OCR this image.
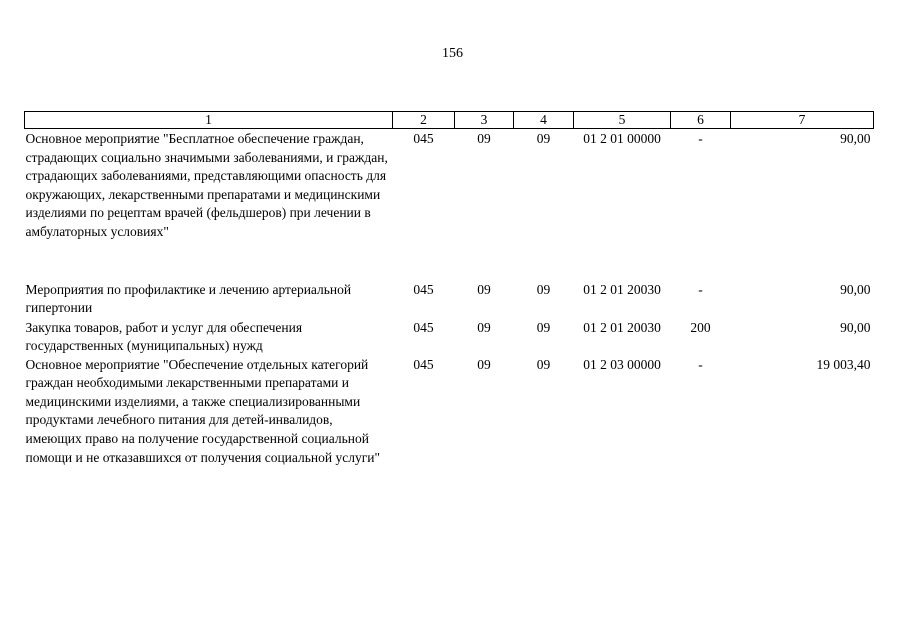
156
1	2	3	4	5	6	7
Основное мероприятие "Бесплатное обеспечение граждан, страдающих социально значимыми заболеваниями, и граждан, страдающих заболеваниями, представляющими опасность для окружающих, лекарственными препаратами и медицинскими изделиями по рецептам врачей (фельдшеров) при лечении в амбулаторных условиях"	045	09	09	01 2 01 00000	-	90,00
Мероприятия по профилактике и лечению артериальной гипертонии	045	09	09	01 2 01 20030	-	90,00
Закупка товаров, работ и услуг для обеспечения государственных (муниципальных) нужд	045	09	09	01 2 01 20030	200	90,00
Основное мероприятие "Обеспечение отдельных категорий граждан необходимыми лекарственными препаратами и медицинскими изделиями, а также специализированными продуктами лечебного питания для детей-инвалидов, имеющих право на получение государственной социальной помощи и не отказавшихся от получения социальной услуги"	045	09	09	01 2 03 00000	-	19 003,40
